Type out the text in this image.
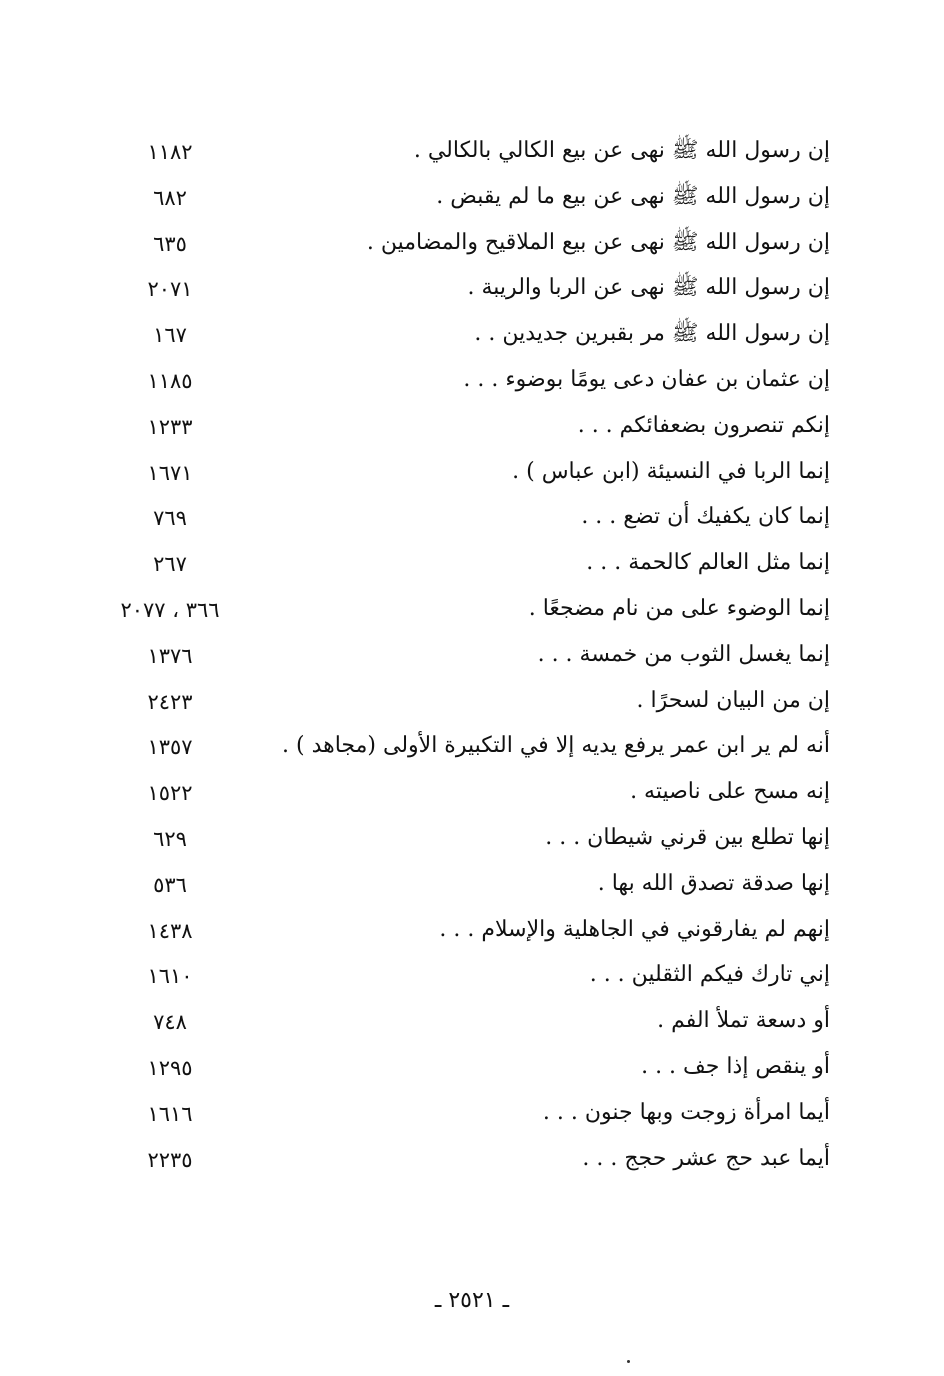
إن رسول الله ﷺ نهى عن بيع الكالي بالكالي .
١١٨٢
إن رسول الله ﷺ نهى عن بيع ما لم يقبض .
٦٨٢
إن رسول الله ﷺ نهى عن بيع الملاقيح والمضامين .
٦٣٥
إن رسول الله ﷺ نهى عن الربا والريبة .
٢٠٧١
إن رسول الله ﷺ مر بقبرين جديدين . .
١٦٧
إن عثمان بن عفان دعى يومًا بوضوء . . .
١١٨٥
إنكم تنصرون بضعفائكم . . .
١٢٣٣
إنما الربا في النسيئة (ابن عباس ) .
١٦٧١
إنما كان يكفيك أن تضع . . .
٧٦٩
إنما مثل العالم كالحمة . . .
٢٦٧
إنما الوضوء على من نام مضجعًا .
٣٦٦ ، ٢٠٧٧
إنما يغسل الثوب من خمسة . . .
١٣٧٦
إن من البيان لسحرًا .
٢٤٢٣
أنه لم ير ابن عمر يرفع يديه إلا في التكبيرة الأولى (مجاهد ) .
١٣٥٧
إنه مسح على ناصيته .
١٥٢٢
إنها تطلع بين قرني شيطان . . .
٦٢٩
إنها صدقة تصدق الله بها .
٥٣٦
إنهم لم يفارقوني في الجاهلية والإسلام . . .
١٤٣٨
إني تارك فيكم الثقلين . . .
١٦١٠
أو دسعة تملأ الفم .
٧٤٨
أو ينقص إذا جف . . .
١٢٩٥
أيما امرأة زوجت وبها جنون . . .
١٦١٦
أيما عبد حج عشر حجج . . .
٢٢٣٥
ـ ٢٥٢١ ـ
